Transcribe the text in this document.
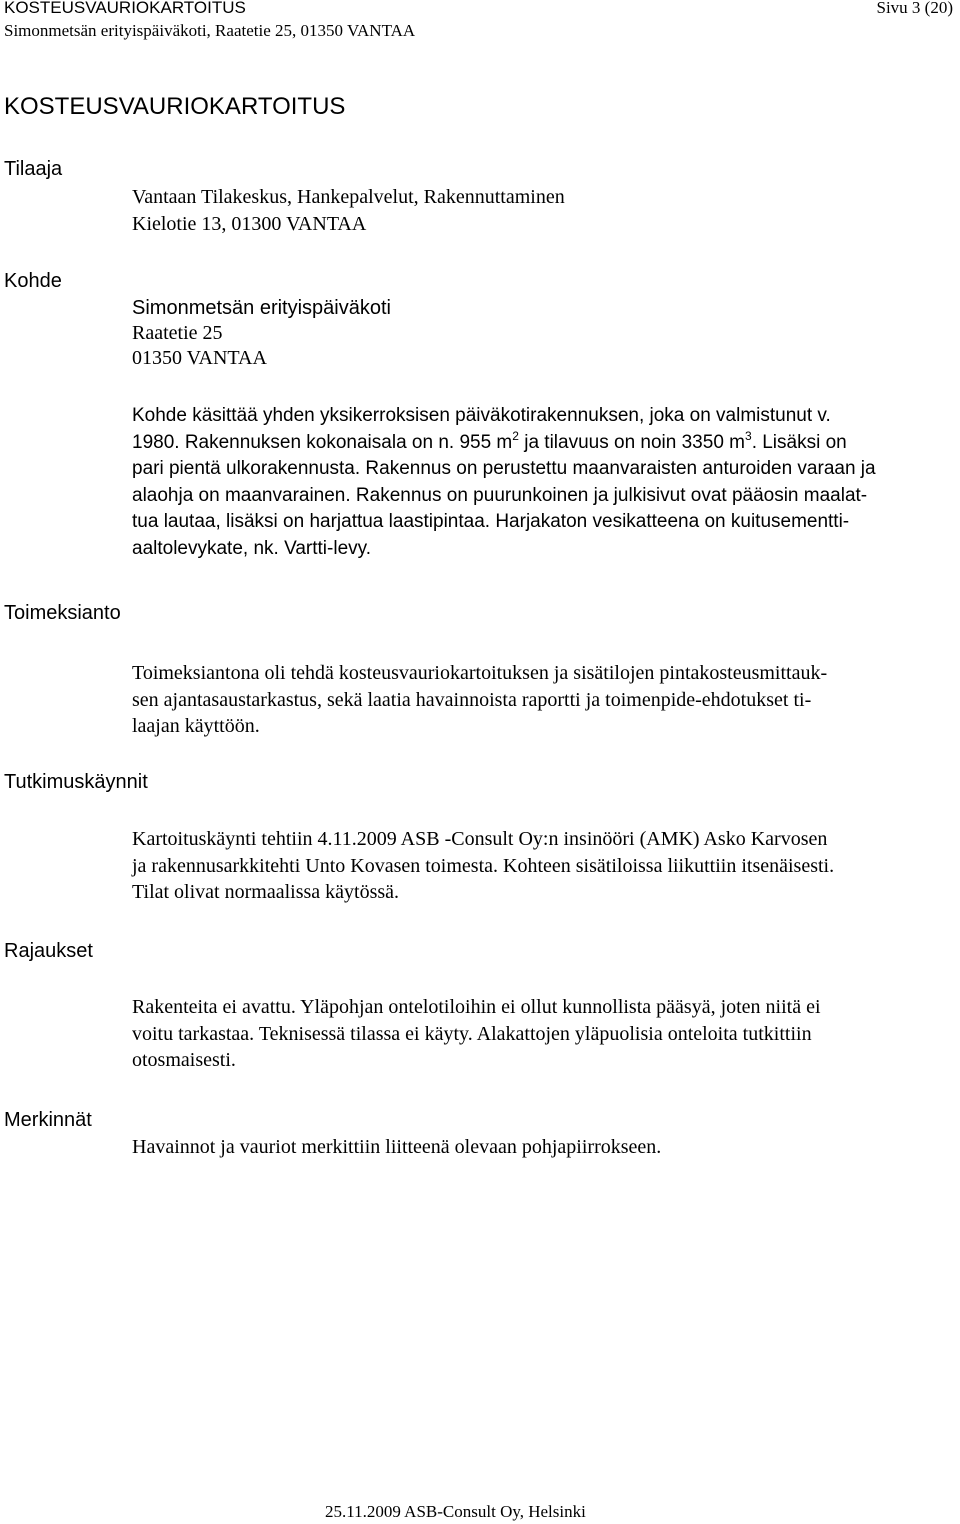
KOSTEUSVAURIOKARTOITUS	Sivu 3 (20)
Simonmetsän erityispäiväkoti, Raatetie 25, 01350 VANTAA
KOSTEUSVAURIOKARTOITUS
Tilaaja

Vantaan Tilakeskus, Hankepalvelut, Rakennuttaminen

Kielotie 13, 01300 VANTAA

Kohde

Simonmetsän erityispäiväkoti

Raatetie 25

01350 VANTAA

Kohde käsittää yhden yksikerroksisen päiväkotirakennuksen, joka on valmistunut v.

1980. Rakennuksen kokonaisala on n. 955 $m^2$ ja tilavuus on noin 3350 $m^3$. Lisäksi on

pari pientä ulkorakennusta. Rakennus on perustettu maanvaraisten anturoiden varaan ja

alaohja on maanvarainen. Rakennus on puurunkoinen ja julkisivut ovat pääosin maalat-

tua lautaa, lisäksi on harjattua laastipintaa. Harjakaton vesikatteena on kuitusementti-

aaltolevykate, nk. Vartti-levy.

Toimeksianto

Toimeksiantona oli tehdä kosteusvauriokartoituksen ja sisätilojen pintakosteusmittauk-

sen ajantasaustarkastus, sekä laatia havainnoista raportti ja toimenpide-ehdotukset ti-

laajan käyttöön.

Tutkimuskäynnit

Kartoituskäynti tehtiin 4.11.2009 ASB -Consult Oy:n insinööri (AMK) Asko Karvosen

ja rakennusarkkitehti Unto Kovasen toimesta. Kohteen sisätiloissa liikuttiin itsenäisesti.

Tilat olivat normaalissa käytössä.

Rajaukset

Rakenteita ei avattu. Yläpohjan ontelotiloihin ei ollut kunnollista pääsyä, joten niitä ei

voitu tarkastaa. Teknisessä tilassa ei käyty. Alakattojen yläpuolisia onteloita tutkittiin

otosmaisesti.

Merkinnät

Havainnot ja vauriot merkittiin liitteenä olevaan pohjapiirrokseen.

25.11.2009 ASB-Consult Oy, Helsinki
